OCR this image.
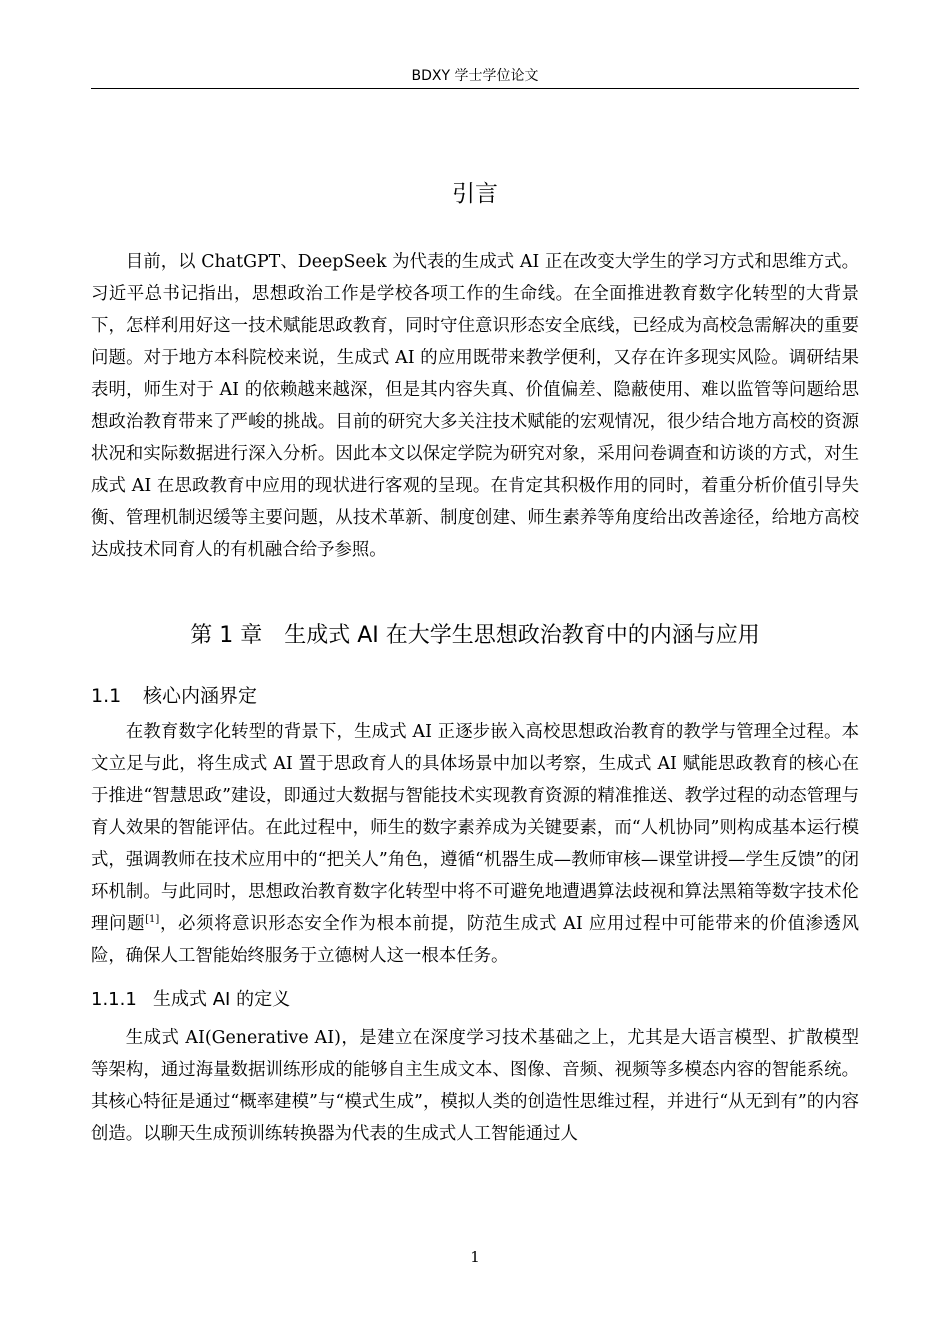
BDXY 学士学位论文
引言

目前，以 ChatGPT、DeepSeek 为代表的生成式 AI 正在改变大学生的学习方式和思维方式。习近平总书记指出，思想政治工作是学校各项工作的生命线。在全面推进教育数字化转型的大背景下，怎样利用好这一技术赋能思政教育，同时守住意识形态安全底线，已经成为高校急需解决的重要问题。对于地方本科院校来说，生成式 AI 的应用既带来教学便利，又存在许多现实风险。调研结果表明，师生对于 AI 的依赖越来越深，但是其内容失真、价值偏差、隐蔽使用、难以监管等问题给思想政治教育带来了严峻的挑战。目前的研究大多关注技术赋能的宏观情况，很少结合地方高校的资源状况和实际数据进行深入分析。因此本文以保定学院为研究对象，采用问卷调查和访谈的方式，对生成式 AI 在思政教育中应用的现状进行客观的呈现。在肯定其积极作用的同时，着重分析价值引导失衡、管理机制迟缓等主要问题，从技术革新、制度创建、师生素养等角度给出改善途径，给地方高校达成技术同育人的有机融合给予参照。

第 1 章 生成式 AI 在大学生思想政治教育中的内涵与应用
1.1 核心内涵界定

在教育数字化转型的背景下，生成式 AI 正逐步嵌入高校思想政治教育的教学与管理全过程。本文立足与此，将生成式 AI 置于思政育人的具体场景中加以考察，生成式 AI 赋能思政教育的核心在于推进“智慧思政”建设，即通过大数据与智能技术实现教育资源的精准推送、教学过程的动态管理与育人效果的智能评估。在此过程中，师生的数字素养成为关键要素，而“人机协同”则构成基本运行模式，强调教师在技术应用中的“把关人”角色，遵循“机器生成—教师审核—课堂讲授—学生反馈”的闭环机制。与此同时，思想政治教育数字化转型中将不可避免地遭遇算法歧视和算法黑箱等数字技术伦理问题[1]，必须将意识形态安全作为根本前提，防范生成式 AI 应用过程中可能带来的价值渗透风险，确保人工智能始终服务于立德树人这一根本任务。

1.1.1 生成式 AI 的定义

生成式 AI(Generative AI)，是建立在深度学习技术基础之上，尤其是大语言模型、扩散模型等架构，通过海量数据训练形成的能够自主生成文本、图像、音频、视频等多模态内容的智能系统。其核心特征是通过“概率建模”与“模式生成”，模拟人类的创造性思维过程，并进行“从无到有”的内容创造。以聊天生成预训练转换器为代表的生成式人工智能通过人

1
